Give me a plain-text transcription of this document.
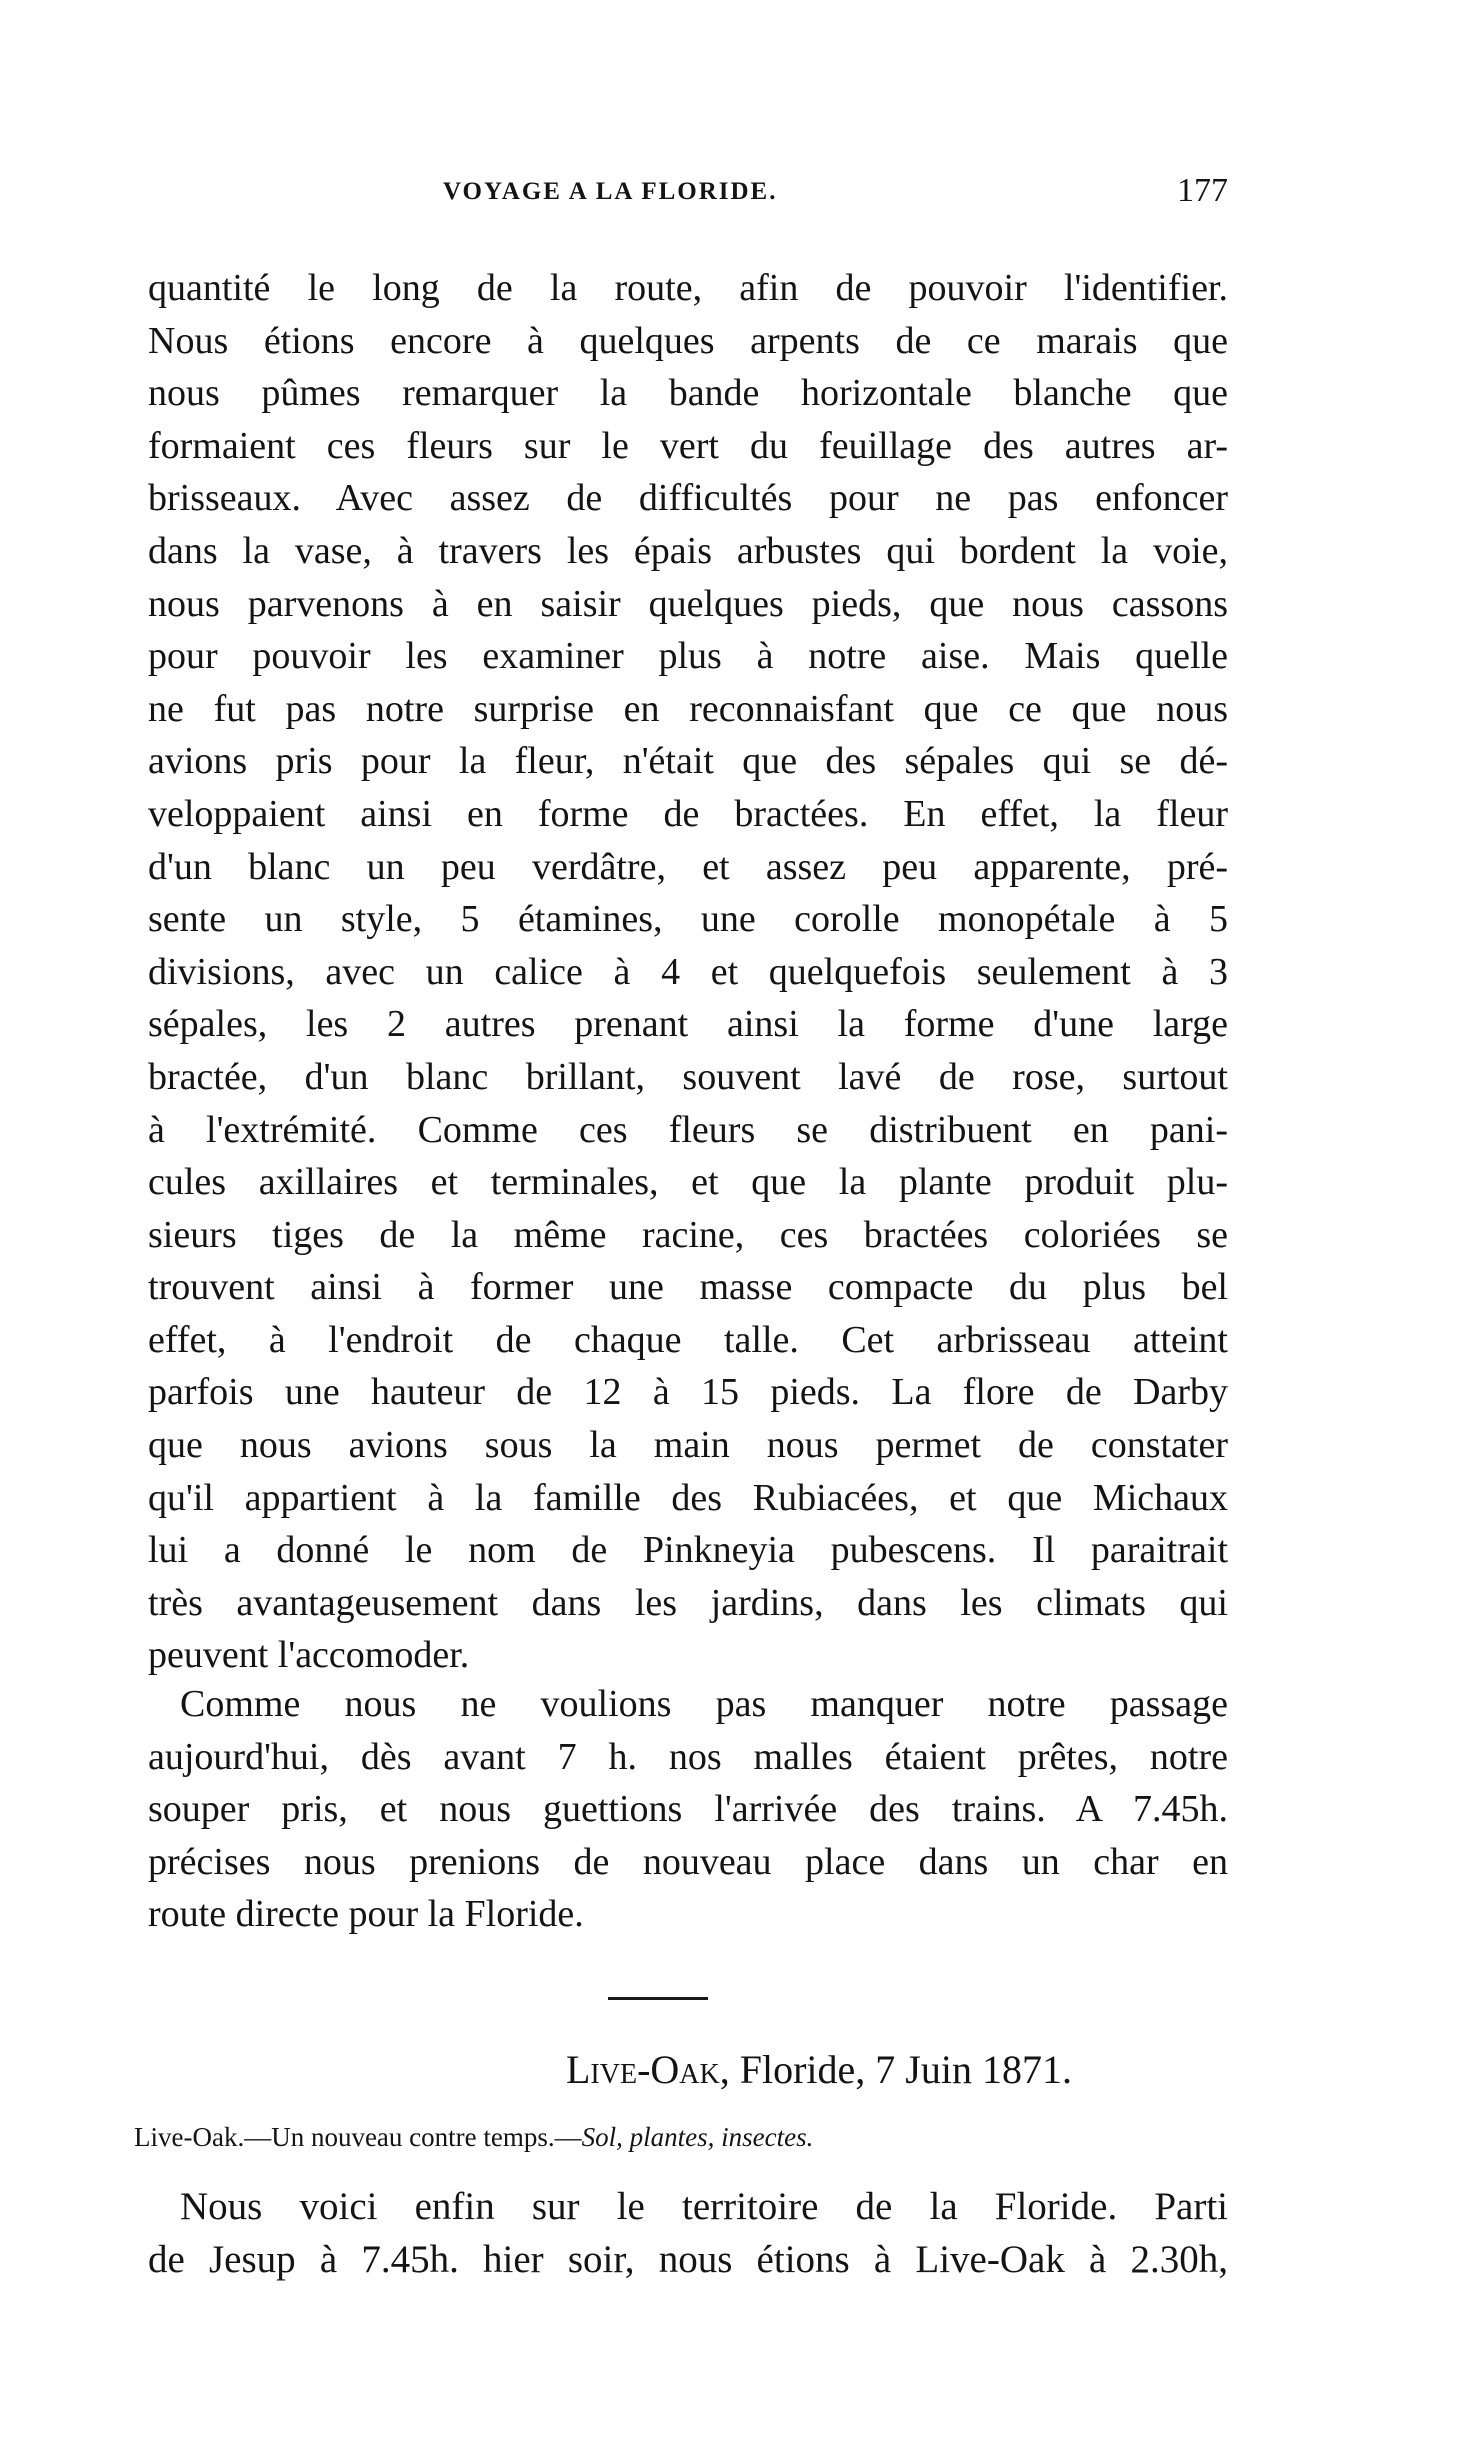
VOYAGE A LA FLORIDE.	177
quantité le long de la route, afin de pouvoir l'identifier.
Nous étions encore à quelques arpents de ce marais que
nous pûmes remarquer la bande horizontale blanche que
formaient ces fleurs sur le vert du feuillage des autres ar-
brisseaux. Avec assez de difficultés pour ne pas enfoncer
dans la vase, à travers les épais arbustes qui bordent la voie,
nous parvenons à en saisir quelques pieds, que nous cassons
pour pouvoir les examiner plus à notre aise. Mais quelle
ne fut pas notre surprise en reconnaisfant que ce que nous
avions pris pour la fleur, n'était que des sépales qui se dé-
veloppaient ainsi en forme de bractées. En effet, la fleur
d'un blanc un peu verdâtre, et assez peu apparente, pré-
sente un style, 5 étamines, une corolle monopétale à 5
divisions, avec un calice à 4 et quelquefois seulement à 3
sépales, les 2 autres prenant ainsi la forme d'une large
bractée, d'un blanc brillant, souvent lavé de rose, surtout
à l'extrémité. Comme ces fleurs se distribuent en pani-
cules axillaires et terminales, et que la plante produit plu-
sieurs tiges de la même racine, ces bractées coloriées se
trouvent ainsi à former une masse compacte du plus bel
effet, à l'endroit de chaque talle. Cet arbrisseau atteint
parfois une hauteur de 12 à 15 pieds. La flore de Darby
que nous avions sous la main nous permet de constater
qu'il appartient à la famille des Rubiacées, et que Michaux
lui a donné le nom de Pinkneyia pubescens. Il paraitrait
très avantageusement dans les jardins, dans les climats qui
peuvent l'accomoder.
Comme nous ne voulions pas manquer notre passage
aujourd'hui, dès avant 7 h. nos malles étaient prêtes, notre
souper pris, et nous guettions l'arrivée des trains. A 7.45h.
précises nous prenions de nouveau place dans un char en
route directe pour la Floride.
Live-Oak, Floride, 7 Juin 1871.
Live-Oak.—Un nouveau contre temps.—Sol, plantes, insectes.
Nous voici enfin sur le territoire de la Floride. Parti
de Jesup à 7.45h. hier soir, nous étions à Live-Oak à 2.30h,
